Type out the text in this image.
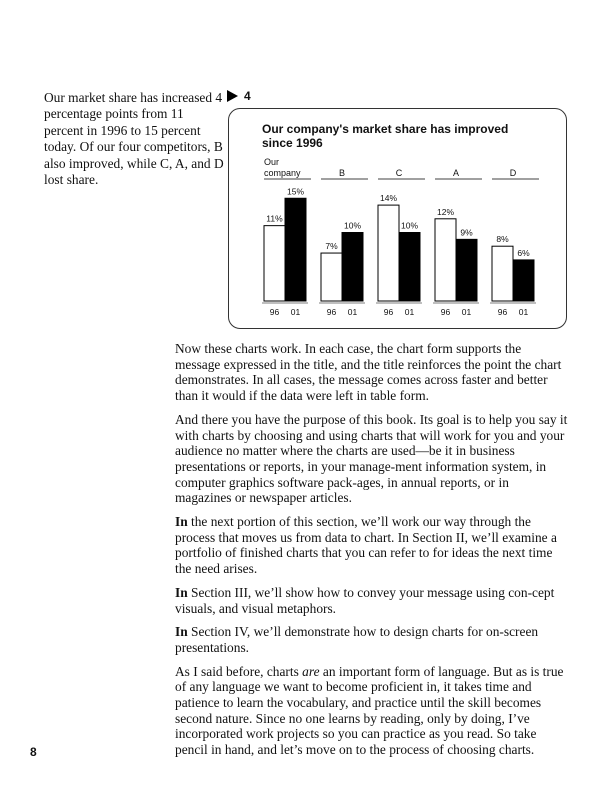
Our market share has increased 4 percentage points from 11 percent in 1996 to 15 percent today. Of our four competitors, B also improved, while C, A, and D lost share.

4

Our company's market share has improved since 1996

Our
company
11%
96
15%
01
B
7%
96
10%
01
C
14%
96
10%
01
A
12%
96
9%
01
D
8%
96
6%
01

Now these charts work. In each case, the chart form supports the message expressed in the title, and the title reinforces the point the chart demonstrates. In all cases, the message comes across faster and better than it would if the data were left in table form.

And there you have the purpose of this book. Its goal is to help you say it with charts by choosing and using charts that will work for you and your audience no matter where the charts are used—be it in business presentations or reports, in your manage-ment information system, in computer graphics software pack-ages, in annual reports, or in magazines or newspaper articles.

In the next portion of this section, we’ll work our way through the process that moves us from data to chart. In Section II, we’ll examine a portfolio of finished charts that you can refer to for ideas the next time the need arises.

In Section III, we’ll show how to convey your message using con-cept visuals, and visual metaphors.

In Section IV, we’ll demonstrate how to design charts for on-screen presentations.

As I said before, charts are an important form of language. But as is true of any language we want to become proficient in, it takes time and patience to learn the vocabulary, and practice until the skill becomes second nature. Since no one learns by reading, only by doing, I’ve incorporated work projects so you can practice as you read. So take pencil in hand, and let’s move on to the process of choosing charts.

8
